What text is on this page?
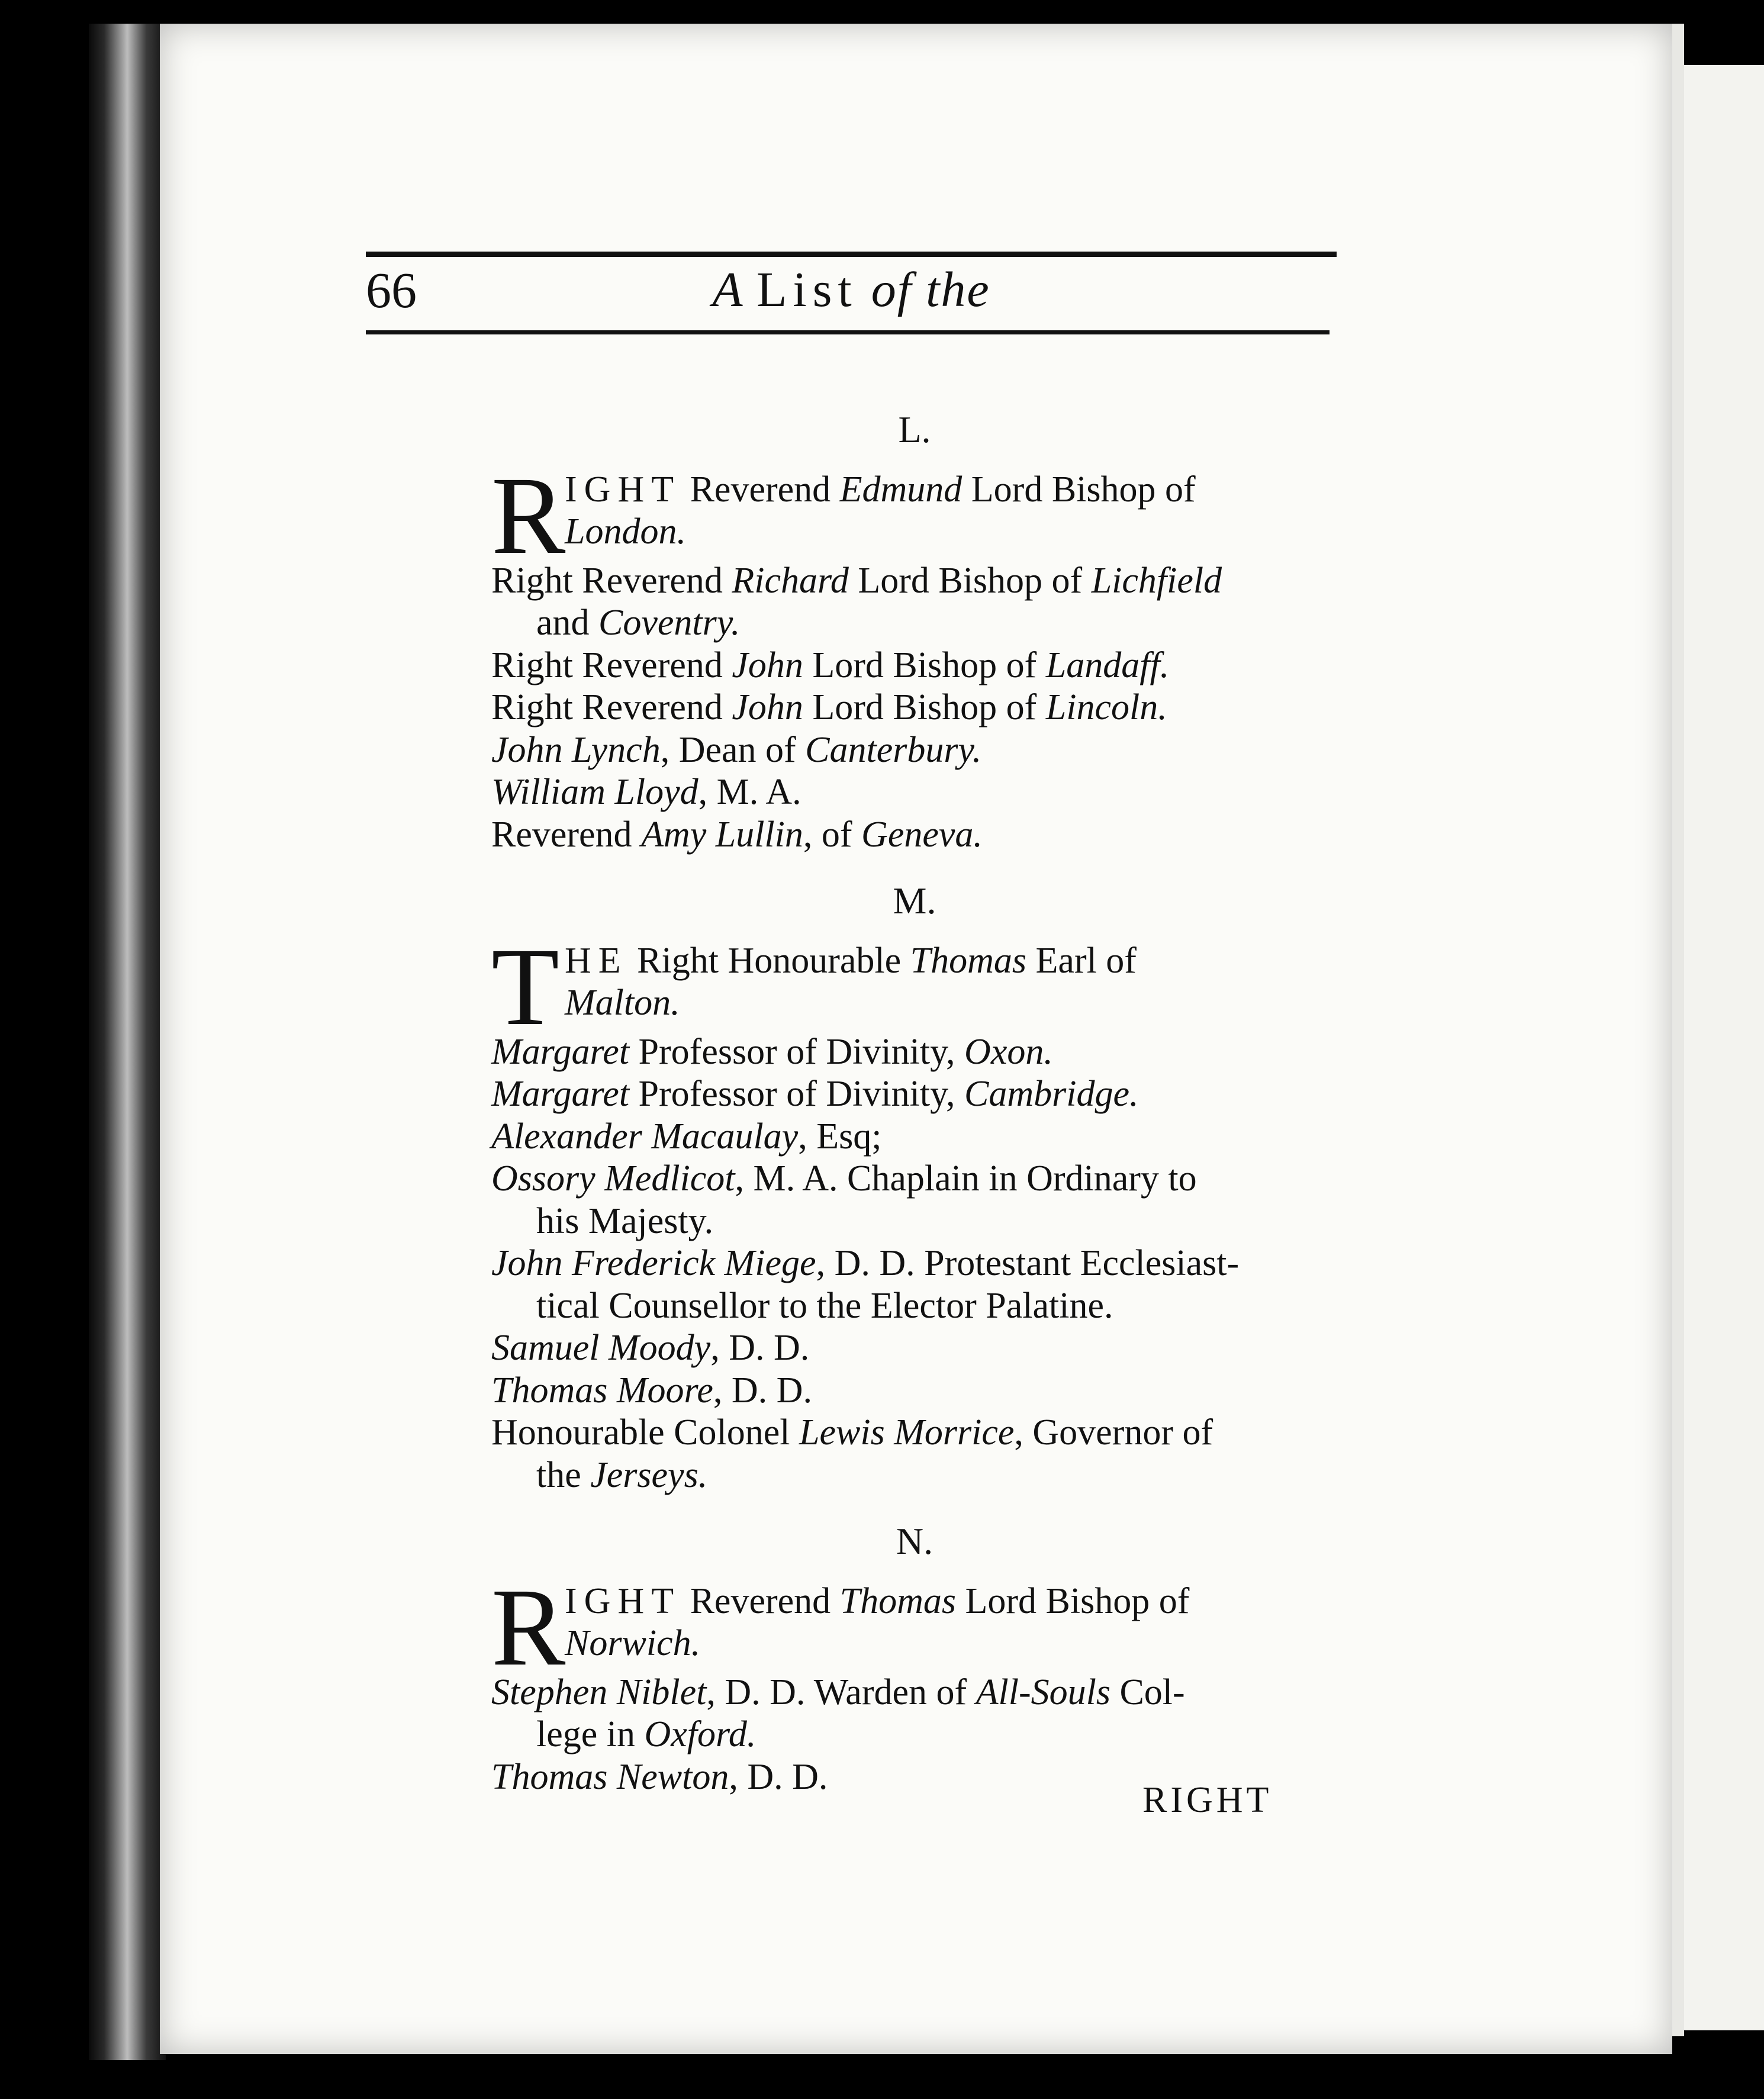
66	A List of the
L.
R
IGHT Reverend Edmund Lord Bishop of
London.
Right Reverend Richard Lord Bishop of Lichfield
and Coventry.
Right Reverend John Lord Bishop of Landaff.
Right Reverend John Lord Bishop of Lincoln.
John Lynch, Dean of Canterbury.
William Lloyd, M. A.
Reverend Amy Lullin, of Geneva.
M.
THE Right Honourable Thomas Earl of
Malton.
Margaret Professor of Divinity, Oxon.
Margaret Professor of Divinity, Cambridge.
Alexander Macaulay, Esq;
Ossory Medlicot, M. A. Chaplain in Ordinary to
his Majesty.
John Frederick Miege, D. D. Protestant Ecclesiast-
tical Counsellor to the Elector Palatine.
Samuel Moody, D. D.
Thomas Moore, D. D.
Honourable Colonel Lewis Morrice, Governor of
the Jerseys.
N.
R
IGHT Reverend Thomas Lord Bishop of
Norwich.
Stephen Niblet, D. D. Warden of All-Souls Col-
lege in Oxford.
Thomas Newton, D. D.
RIGHT
